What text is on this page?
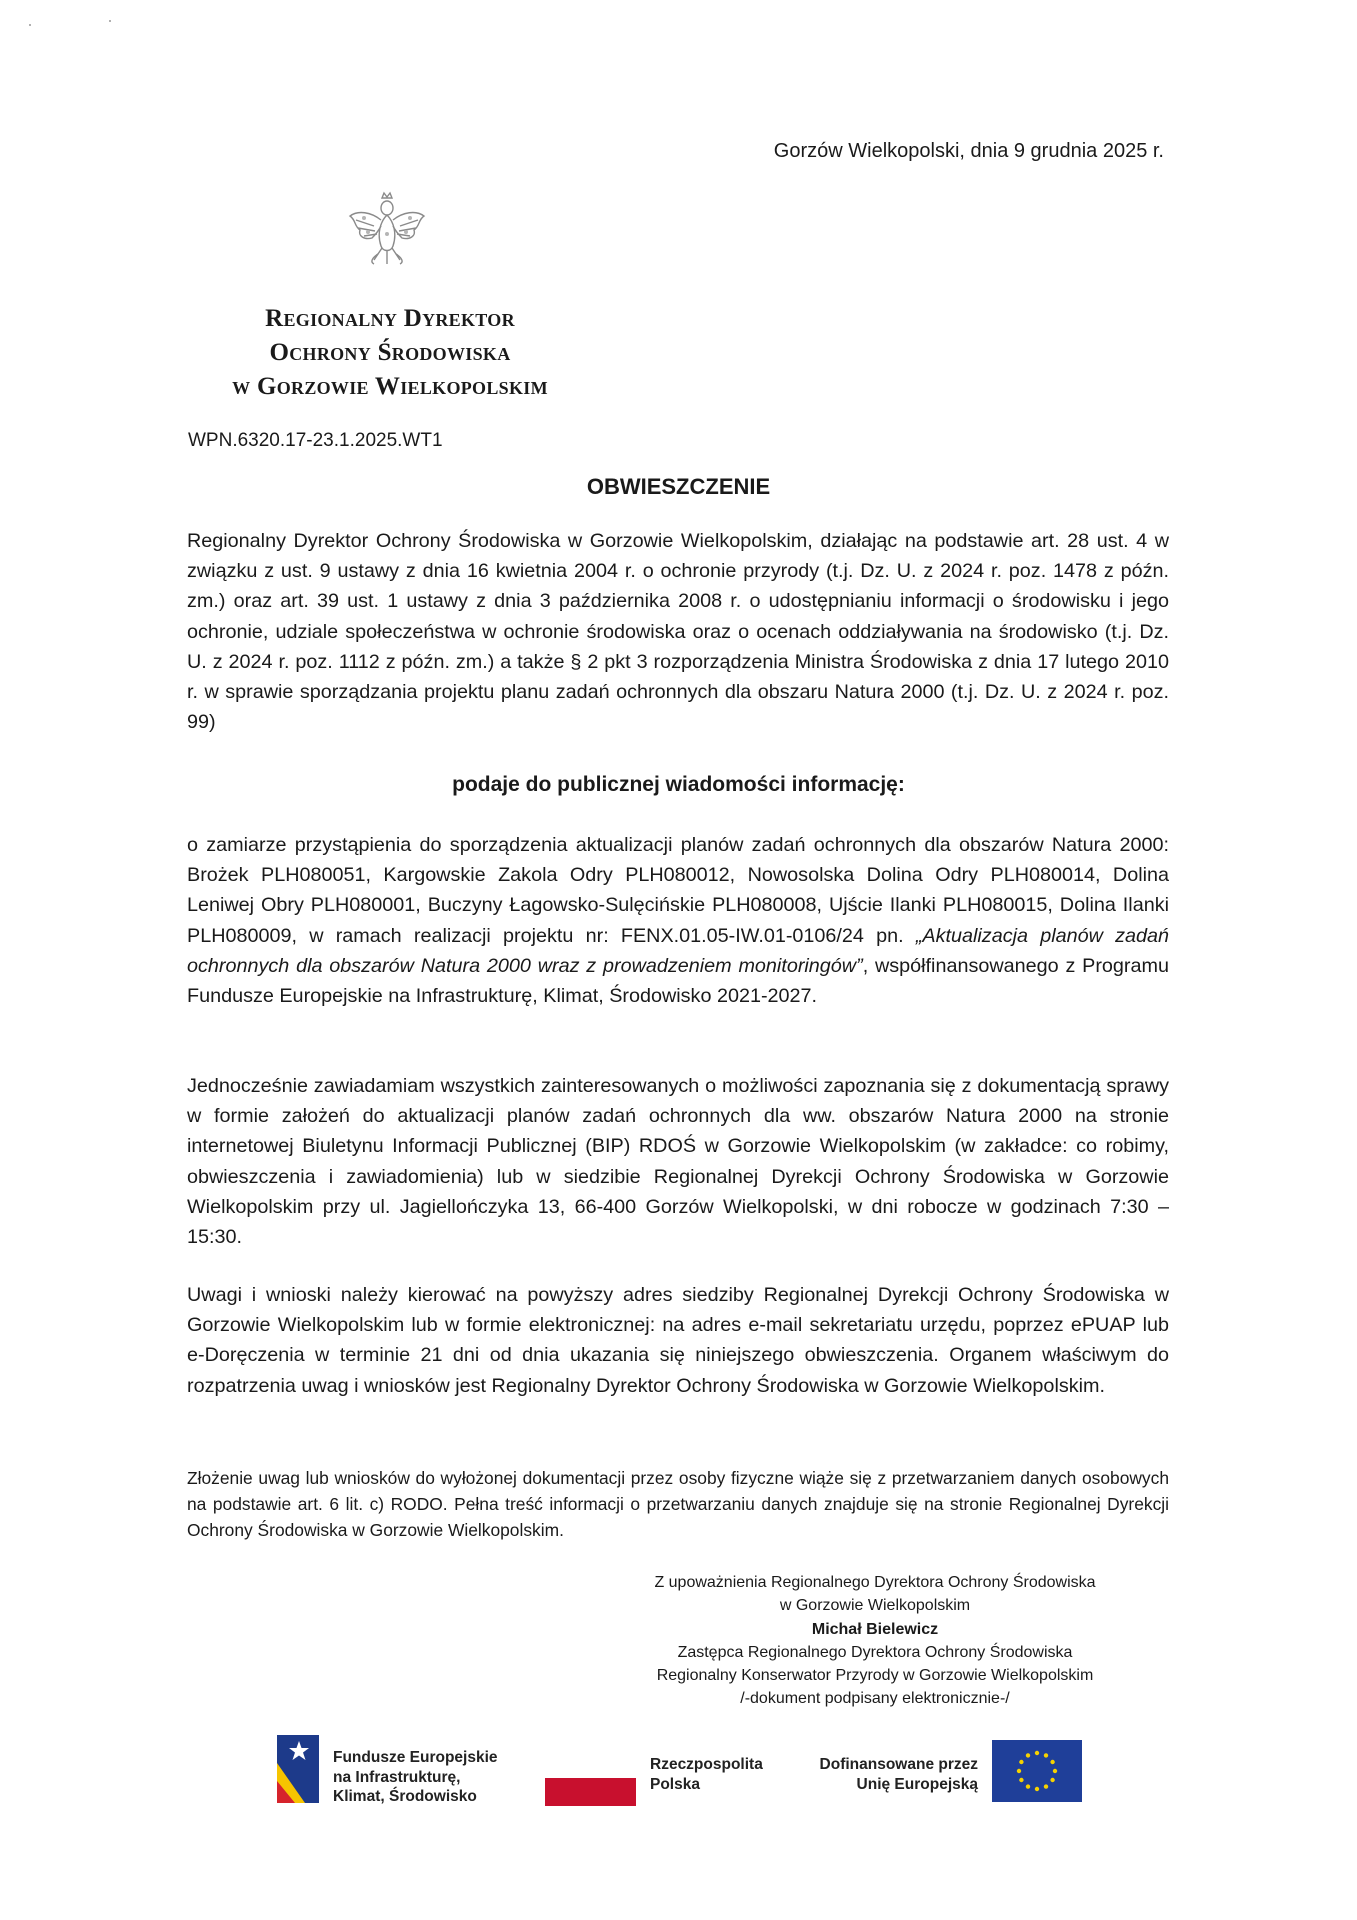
Gorzów Wielkopolski, dnia 9 grudnia 2025 r.
Regionalny Dyrektor
Ochrony Środowiska
w Gorzowie Wielkopolskim
WPN.6320.17-23.1.2025.WT1
OBWIESZCZENIE
Regionalny Dyrektor Ochrony Środowiska w Gorzowie Wielkopolskim, działając na podstawie art. 28 ust. 4 w związku z ust. 9 ustawy z dnia 16 kwietnia 2004 r. o ochronie przyrody (t.j. Dz. U. z 2024 r. poz. 1478 z późn. zm.) oraz art. 39 ust. 1 ustawy z dnia 3 października 2008 r. o udostępnianiu informacji o środowisku i jego ochronie, udziale społeczeństwa w ochronie środowiska oraz o ocenach oddziaływania na środowisko (t.j. Dz. U. z 2024 r. poz. 1112 z późn. zm.) a także § 2 pkt 3 rozporządzenia Ministra Środowiska z dnia 17 lutego 2010 r. w sprawie sporządzania projektu planu zadań ochronnych dla obszaru Natura 2000 (t.j. Dz. U. z 2024 r. poz. 99)
podaje do publicznej wiadomości informację:
o zamiarze przystąpienia do sporządzenia aktualizacji planów zadań ochronnych dla obszarów Natura 2000: Brożek PLH080051, Kargowskie Zakola Odry PLH080012, Nowosolska Dolina Odry PLH080014, Dolina Leniwej Obry PLH080001, Buczyny Łagowsko-Sulęcińskie PLH080008, Ujście Ilanki PLH080015, Dolina Ilanki PLH080009, w ramach realizacji projektu nr: FENX.01.05-IW.01-0106/24 pn. „Aktualizacja planów zadań ochronnych dla obszarów Natura 2000 wraz z prowadzeniem monitoringów”, współfinansowanego z Programu Fundusze Europejskie na Infrastrukturę, Klimat, Środowisko 2021-2027.
Jednocześnie zawiadamiam wszystkich zainteresowanych o możliwości zapoznania się z dokumentacją sprawy w formie założeń do aktualizacji planów zadań ochronnych dla ww. obszarów Natura 2000 na stronie internetowej Biuletynu Informacji Publicznej (BIP) RDOŚ w Gorzowie Wielkopolskim (w zakładce: co robimy, obwieszczenia i zawiadomienia) lub w siedzibie Regionalnej Dyrekcji Ochrony Środowiska w Gorzowie Wielkopolskim przy ul. Jagiellończyka 13, 66-400 Gorzów Wielkopolski, w dni robocze w godzinach 7:30 – 15:30.
Uwagi i wnioski należy kierować na powyższy adres siedziby Regionalnej Dyrekcji Ochrony Środowiska w Gorzowie Wielkopolskim lub w formie elektronicznej: na adres e-mail sekretariatu urzędu, poprzez ePUAP lub e-Doręczenia w terminie 21 dni od dnia ukazania się niniejszego obwieszczenia. Organem właściwym do rozpatrzenia uwag i wniosków jest Regionalny Dyrektor Ochrony Środowiska w Gorzowie Wielkopolskim.
Złożenie uwag lub wniosków do wyłożonej dokumentacji przez osoby fizyczne wiąże się z przetwarzaniem danych osobowych na podstawie art. 6 lit. c) RODO. Pełna treść informacji o przetwarzaniu danych znajduje się na stronie Regionalnej Dyrekcji Ochrony Środowiska w Gorzowie Wielkopolskim.
Z upoważnienia Regionalnego Dyrektora Ochrony Środowiska
w Gorzowie Wielkopolskim
Michał Bielewicz
Zastępca Regionalnego Dyrektora Ochrony Środowiska
Regionalny Konserwator Przyrody w Gorzowie Wielkopolskim
/-dokument podpisany elektronicznie-/
Fundusze Europejskie
na Infrastrukturę,
Klimat, Środowisko
Rzeczpospolita
Polska
Dofinansowane przez
Unię Europejską
